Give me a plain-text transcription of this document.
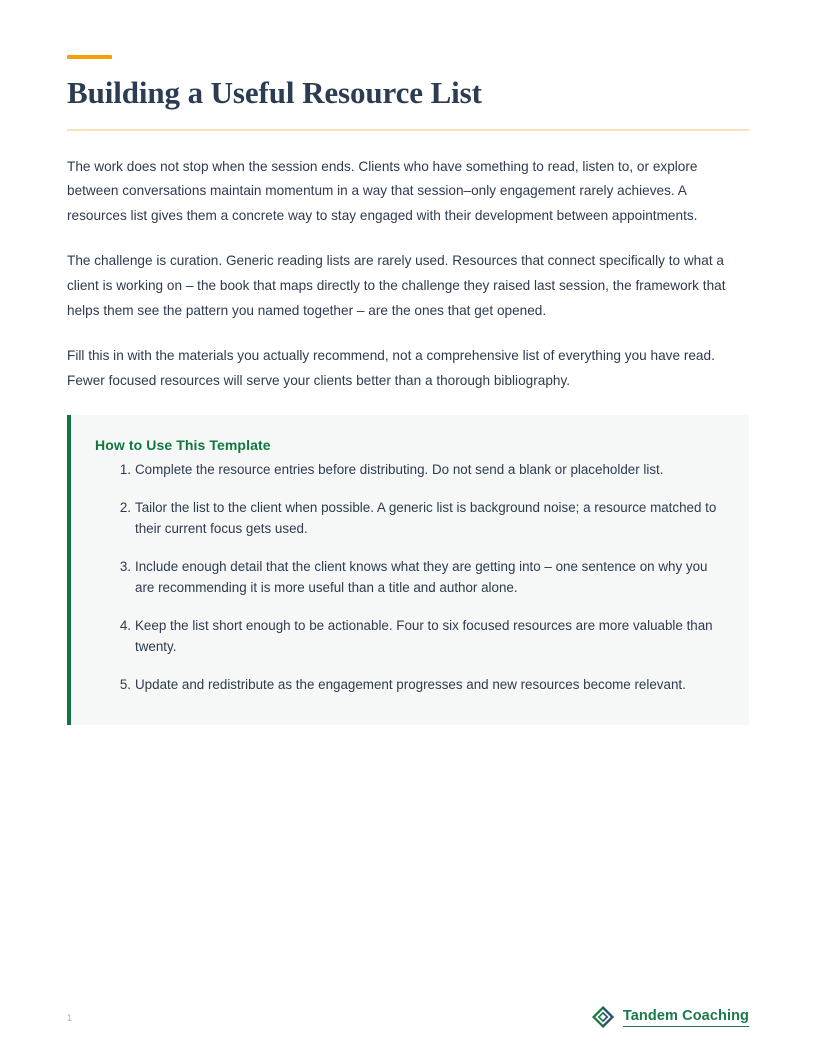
Building a Useful Resource List

The work does not stop when the session ends. Clients who have something to read, listen to, or explore between conversations maintain momentum in a way that session–only engagement rarely achieves. A resources list gives them a concrete way to stay engaged with their development between appointments.

The challenge is curation. Generic reading lists are rarely used. Resources that connect specifically to what a client is working on – the book that maps directly to the challenge they raised last session, the framework that helps them see the pattern you named together – are the ones that get opened.

Fill this in with the materials you actually recommend, not a comprehensive list of everything you have read. Fewer focused resources will serve your clients better than a thorough bibliography.

How to Use This Template
Complete the resource entries before distributing. Do not send a blank or placeholder list.
Tailor the list to the client when possible. A generic list is background noise; a resource matched to their current focus gets used.
Include enough detail that the client knows what they are getting into – one sentence on why you are recommending it is more useful than a title and author alone.
Keep the list short enough to be actionable. Four to six focused resources are more valuable than twenty.
Update and redistribute as the engagement progresses and new resources become relevant.
1	Tandem Coaching
